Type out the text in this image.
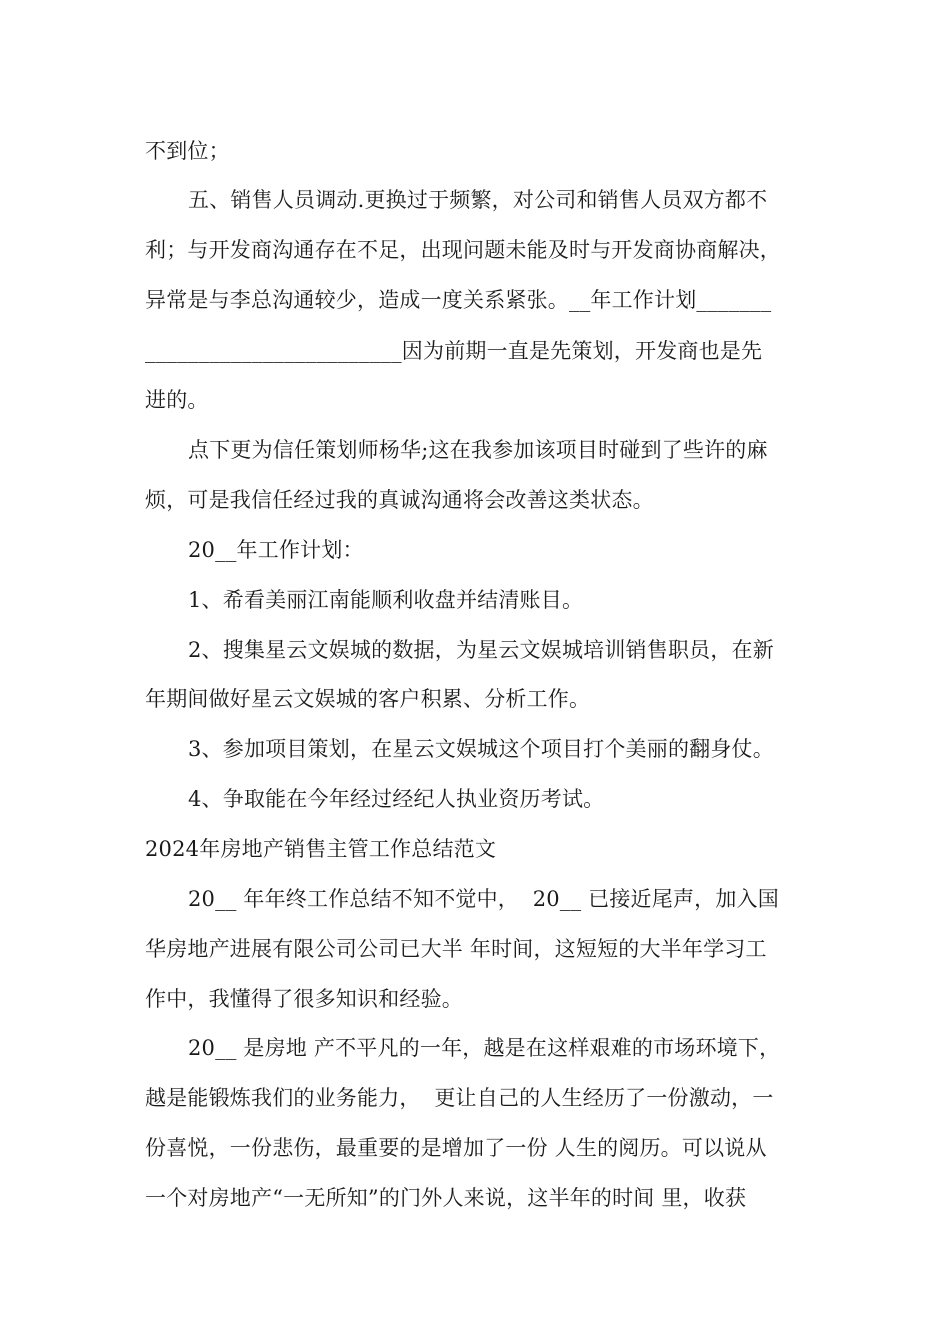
不到位；
五、销售人员调动.更换过于频繁，对公司和销售人员双方都不
利；与开发商沟通存在不足，出现问题未能及时与开发商协商解决，
异常是与李总沟通较少，造成一度关系紧张。__年工作计划_______
________________________因为前期一直是先策划，开发商也是先
进的。
点下更为信任策划师杨华;这在我参加该项目时碰到了些许的麻
烦，可是我信任经过我的真诚沟通将会改善这类状态。
20__年工作计划：
1、希看美丽江南能顺利收盘并结清账目。
2、搜集星云文娱城的数据，为星云文娱城培训销售职员，在新
年期间做好星云文娱城的客户积累、分析工作。
3、参加项目策划，在星云文娱城这个项目打个美丽的翻身仗。
4、争取能在今年经过经纪人执业资历考试。
2024年房地产销售主管工作总结范文
20__ 年年终工作总结不知不觉中，  20__ 已接近尾声，加入国
华房地产进展有限公司公司已大半 年时间，这短短的大半年学习工
作中，我懂得了很多知识和经验。
20__ 是房地 产不平凡的一年，越是在这样艰难的市场环境下，
越是能锻炼我们的业务能力，  更让自己的人生经历了一份激动，一
份喜悦，一份悲伤，最重要的是增加了一份 人生的阅历。可以说从
一个对房地产“一无所知”的门外人来说，这半年的时间 里，收获
